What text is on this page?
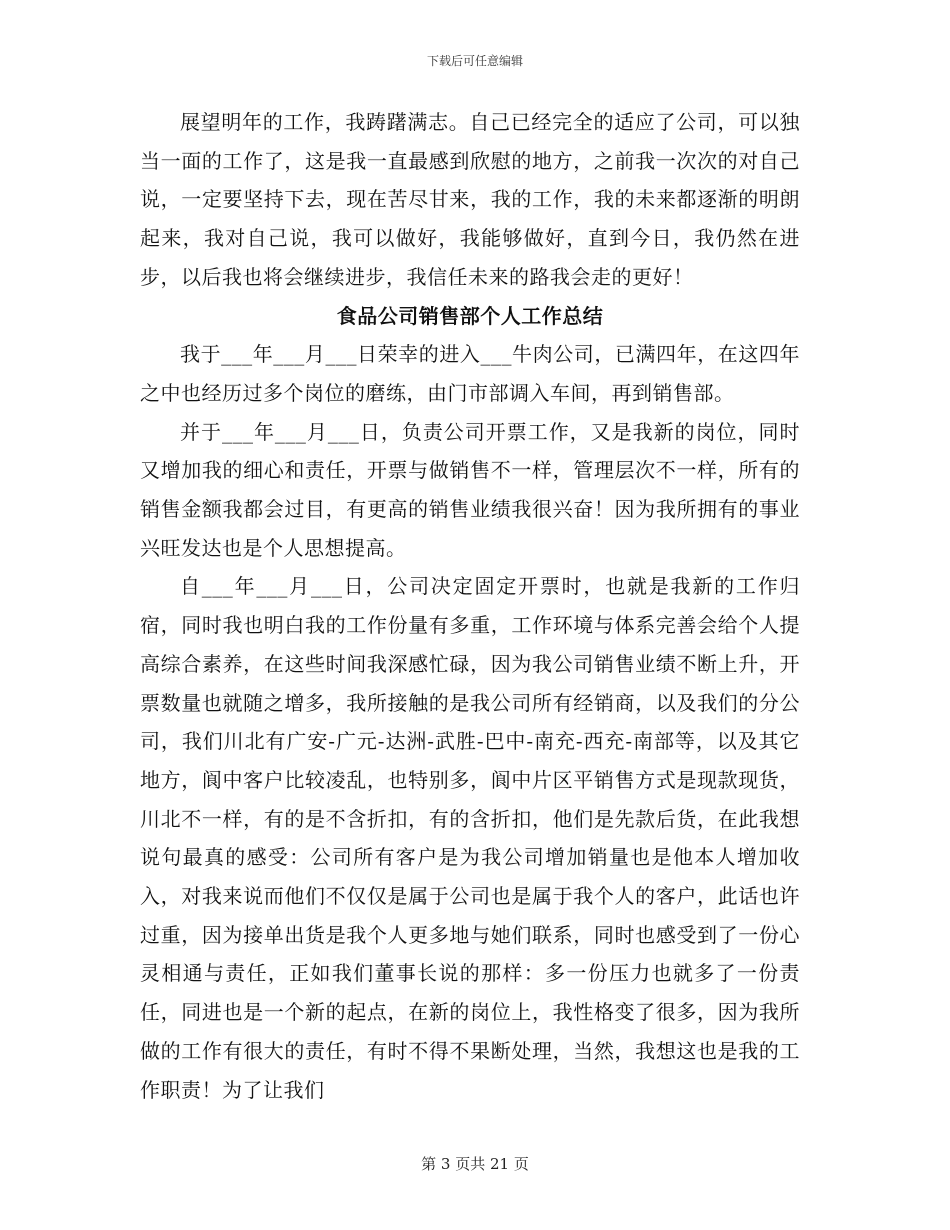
下载后可任意编辑

展望明年的工作，我踌躇满志。自己已经完全的适应了公司，可以独当一面的工作了，这是我一直最感到欣慰的地方，之前我一次次的对自己说，一定要坚持下去，现在苦尽甘来，我的工作，我的未来都逐渐的明朗起来，我对自己说，我可以做好，我能够做好，直到今日，我仍然在进步，以后我也将会继续进步，我信任未来的路我会走的更好！

食品公司销售部个人工作总结

我于___年___月___日荣幸的进入___牛肉公司，已满四年，在这四年之中也经历过多个岗位的磨练，由门市部调入车间，再到销售部。

并于___年___月___日，负责公司开票工作，又是我新的岗位，同时又增加我的细心和责任，开票与做销售不一样，管理层次不一样，所有的销售金额我都会过目，有更高的销售业绩我很兴奋！因为我所拥有的事业兴旺发达也是个人思想提高。

自___年___月___日，公司决定固定开票时，也就是我新的工作归宿，同时我也明白我的工作份量有多重，工作环境与体系完善会给个人提高综合素养，在这些时间我深感忙碌，因为我公司销售业绩不断上升，开票数量也就随之增多，我所接触的是我公司所有经销商，以及我们的分公司，我们川北有广安-广元-达洲-武胜-巴中-南充-西充-南部等，以及其它地方，阆中客户比较凌乱，也特别多，阆中片区平销售方式是现款现货，川北不一样，有的是不含折扣，有的含折扣，他们是先款后货，在此我想说句最真的感受：公司所有客户是为我公司增加销量也是他本人增加收入，对我来说而他们不仅仅是属于公司也是属于我个人的客户，此话也许过重，因为接单出货是我个人更多地与她们联系，同时也感受到了一份心灵相通与责任，正如我们董事长说的那样：多一份压力也就多了一份责任，同进也是一个新的起点，在新的岗位上，我性格变了很多，因为我所做的工作有很大的责任，有时不得不果断处理，当然，我想这也是我的工作职责！为了让我们

第 3 页共 21 页
